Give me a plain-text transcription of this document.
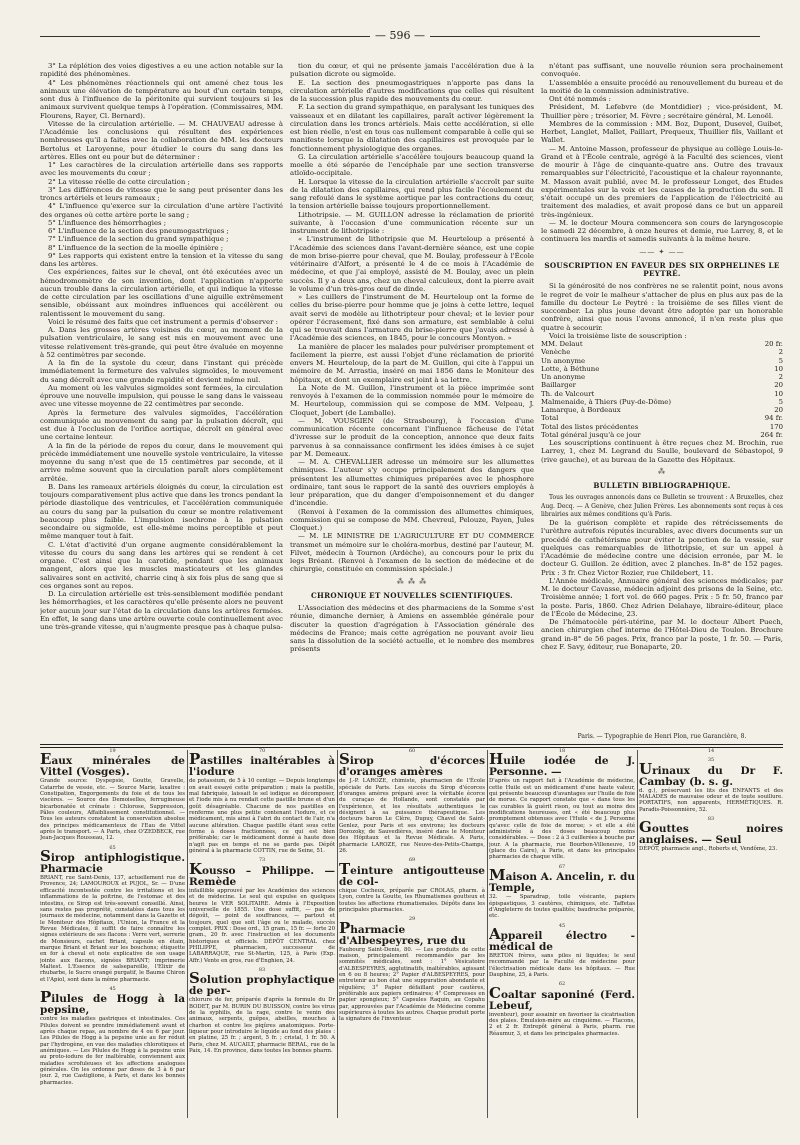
— 596 —

3° La réplétion des voies digestives a eu une action notable sur la rapidité des phénomènes.

4° Les phénomènes réactionnels qui ont amené chez tous les animaux une élévation de température au bout d'un certain temps, sont dus à l'influence de la péritonite qui survient toujours si les animaux survivent quelque temps à l'opération. (Commissaires, MM. Flourens, Rayer, Cl. Bernard).

Vitesse de la circulation artérielle. — M. CHAUVEAU adresse à l'Académie les conclusions qui résultent des expériences nombreuses qu'il a faites avec la collaboration de MM. les docteurs Bertolus et Laroyenne, pour étudier le cours du sang dans les artères. Elles ont eu pour but de déterminer :

1° Les caractères de la circulation artérielle dans ses rapports avec les mouvements du cœur ;

2° La vitesse réelle de cette circulation ;

3° Les différences de vitesse que le sang peut présenter dans les troncs artériels et leurs rameaux ;

4° L'influence qu'exerce sur la circulation d'une artère l'activité des organes où cette artère porte le sang ;

5° L'influence des hémorrhagies ;

6° L'influence de la section des pneumogastriques ;

7° L'influence de la section du grand sympathique ;

8° L'influence de la section de la moelle épinière ;

9° Les rapports qui existent entre la tension et la vitesse du sang dans les artères.

Ces expériences, faites sur le cheval, ont été exécutées avec un hémodromomètre de son invention, dont l'application n'apporte aucun trouble dans la circulation artérielle, et qui indique la vitesse de cette circulation par les oscillations d'une aiguille extrêmement sensible, obéissant aux moindres influences qui accélèrent ou ralentissent le mouvement du sang.

Voici le résumé des faits que cet instrument a permis d'observer :

A. Dans les grosses artères voisines du cœur, au moment de la pulsation ventriculaire, le sang est mis en mouvement avec une vitesse relativement très-grande, qui peut être évaluée en moyenne à 52 centimètres par seconde.

A la fin de la systole du cœur, dans l'instant qui précède immédiatement la fermeture des valvules sigmoïdes, le mouvement du sang décroît avec une grande rapidité et devient même nul.

Au moment où les valvules sigmoïdes sont fermées, la circulation éprouve une nouvelle impulsion, qui pousse le sang dans le vaisseau avec une vitesse moyenne de 22 centimètres par seconde.

Après la fermeture des valvules sigmoïdes, l'accélération communiquée au mouvement du sang par la pulsation décroît, qui est due à l'occlusion de l'orifice aortique, décroît en général avec une certaine lenteur.

A la fin de la période de repos du cœur, dans le mouvement qui précède immédiatement une nouvelle systole ventriculaire, la vitesse moyenne du sang n'est que de 15 centimètres par seconde, et il arrive même souvent que la circulation paraît alors complètement arrêtée.

B. Dans les rameaux artériels éloignés du cœur, la circulation est toujours comparativement plus active que dans les troncs pendant la période diastolique des ventricules, et l'accélération communiquée au cours du sang par la pulsation du cœur se montre relativement beaucoup plus faible. L'impulsion isochrone à la pulsation secondaire ou sigmoïde, est elle-même moins perceptible et peut même manquer tout à fait.

C. L'état d'activité d'un organe augmente considérablement la vitesse du cours du sang dans les artères qui se rendent à cet organe. C'est ainsi que la carotide, pendant que les animaux mangent, alors que les muscles masticateurs et les glandes salivaires sont en activité, charrie cinq à six fois plus de sang que si ces organes sont au repos.

D. La circulation artérielle est très-sensiblement modifiée pendant les hémorrhagies, et les caractères qu'elle présente alors ne peuvent jeter aucun jour sur l'état de la circulation dans les artères fermées. En effet, le sang dans une artère ouverte coule continuellement avec une très-grande vitesse, qui n'augmente presque pas à chaque pulsa-

tion du cœur, et qui ne présente jamais l'accélération due à la pulsation dicrote ou sigmoïde.

E. La section des pneumogastriques n'apporte pas dans la circulation artérielle d'autres modifications que celles qui résultent de la succession plus rapide des mouvements du cœur.

F. La section du grand sympathique, en paralysant les tuniques des vaisseaux et en dilatant les capillaires, paraît activer légèrement la circulation dans les troncs artériels. Mais cette accélération, si elle est bien réelle, n'est en tous cas nullement comparable à celle qui se manifeste lorsque la dilatation des capillaires est provoquée par le fonctionnement physiologique des organes.

G. La circulation artérielle s'accélère toujours beaucoup quand la moelle a été séparée de l'encéphale par une section transverse atloïdo-occipitale.

H. Lorsque la vitesse de la circulation artérielle s'accroît par suite de la dilatation des capillaires, qui rend plus facile l'écoulement du sang refoulé dans le système aortique par les contractions du cœur, la tension artérielle baisse toujours proportionnellement.

Lithotripsie. — M. GUILLON adresse la réclamation de priorité suivante, à l'occasion d'une communication récente sur un instrument de lithotripsie :

« L'instrument de lithotripsie que M. Heurteloup a présenté à l'Académie des sciences dans l'avant-dernière séance, est une copie de mon brise-pierre pour cheval, que M. Boulay, professeur à l'École vétérinaire d'Alfort, a présenté le 4 de ce mois à l'Académie de médecine, et que j'ai employé, assisté de M. Boulay, avec un plein succès. Il y a deux ans, chez un cheval calculeux, dont la pierre avait le volume d'un très-gros œuf de dinde.

» Les cuillers de l'instrument de M. Heurteloup ont la forme de celles du brise-pierre pour homme que je joins à cette lettre, lequel avait servi de modèle au lithotripteur pour cheval; et le levier pour opérer l'écrasement, fixé dans son armature, est semblable à celui qui se trouvait dans l'armature du brise-pierre que j'avais adressé à l'Académie des sciences, en 1845, pour le concours Montyon. »

La manière de placer les malades pour pulvériser promptement et facilement la pierre, est aussi l'objet d'une réclamation de priorité envers M. Heurteloup, de la part de M. Guillon, qui cite à l'appui un mémoire de M. Arrastia, inséré en mai 1856 dans le Moniteur des hôpitaux, et dont un exemplaire est joint à sa lettre.

La Note de M. Guillon, l'instrument et la pièce imprimée sont renvoyés à l'examen de la commission nommée pour le mémoire de M. Heurteloup, commission qui se compose de MM. Velpeau, J. Cloquet, Jobert (de Lamballe).

— M. VOUSGIEN (de Strasbourg), à l'occasion d'une communication récente concernant l'influence fâcheuse de l'état d'ivresse sur le produit de la conception, annonce que deux faits parvenus à sa connaissance confirment les idées émises à ce sujet par M. Demeaux.

— M. A. CHEVALLIER adresse un mémoire sur les allumettes chimiques. L'auteur s'y occupe principalement des dangers que présentent les allumettes chimiques préparées avec le phosphore ordinaire, tant sous le rapport de la santé des ouvriers employés à leur préparation, que du danger d'empoisonnement et du danger d'incendie.

(Renvoi à l'examen de la commission des allumettes chimiques, commission qui se compose de MM. Chevreul, Pelouze, Payen, Jules Cloquet.)

— M. LE MINISTRE DE L'AGRICULTURE ET DU COMMERCE transmet un mémoire sur le choléra-morbus, destiné par l'auteur, M. Filvet, médecin à Tournon (Ardèche), au concours pour le prix du legs Bréant. (Renvoi à l'examen de la section de médecine et de chirurgie, constituée en commission spéciale.)

⁂ ⁂ ⁂
CHRONIQUE ET NOUVELLES SCIENTIFIQUES.

L'Association des médecins et des pharmaciens de la Somme s'est réunie, dimanche dernier, à Amiens en assemblée générale pour discuter la question d'agrégation à l'Association générale des médecins de France; mais cette agrégation ne pouvant avoir lieu sans la dissolution de la société actuelle, et le nombre des membres présents

n'étant pas suffisant, une nouvelle réunion sera prochainement convoquée.

L'assemblée a ensuite procédé au renouvellement du bureau et de la moitié de la commission administrative.

Ont été nommés :

Président, M. Lefebvre (de Montdidier) ; vice-président, M. Thuillier père ; trésorier, M. Fèvre ; secrétaire général, M. Lenoël.

Membres de la commission : MM. Boz, Dupont, Dusevel, Guibet, Herbet, Langlet, Mallet, Paillart, Prequeux, Thuillier fils, Vaillant et Wallet.

— M. Antoine Masson, professeur de physique au collège Louis-le-Grand et à l'École centrale, agrégé à la Faculté des sciences, vient de mourir à l'âge de cinquante-quatre ans. Outre des travaux remarquables sur l'électricité, l'acoustique et la chaleur rayonnante, M. Masson avait publié, avec M. le professeur Longet, des Études expérimentales sur la voix et les causes de la production du son. Il s'était occupé un des premiers de l'application de l'électricité au traitement des maladies, et avait proposé dans ce but un appareil très-ingénieux.

— M. le docteur Moura commencera son cours de laryngoscopie le samedi 22 décembre, à onze heures et demie, rue Larrey, 8, et le continuera les mardis et samedis suivants à la même heure.

—— ✦ ——
SOUSCRIPTION EN FAVEUR DES SIX ORPHELINES LE PEYTRÉ.

Si la générosité de nos confrères ne se ralentit point, nous avons le regret de voir le malheur s'attacher de plus en plus aux pas de la famille du docteur Le Peytré : la troisième de ses filles vient de succomber. La plus jeune devant être adoptée par un honorable confrère, ainsi que nous l'avons annoncé, il n'en reste plus que quatre à secourir.

Voici la troisième liste de souscription :

MM. Delaut	20 fr.
Venèche	2
Un anonyme	5
Lotte, à Béthune	10
Un anonyme	2
Baillarger	20
Th. de Valcourt	10
Malmenaide, à Thiers (Puy-de-Dôme)	5
Lamarque, à Bordeaux	20
Total	94 fr.
Total des listes précédentes	170
Total général jusqu'à ce jour	264 fr.

Les souscriptions continuent à être reçues chez M. Brochin, rue Larrey, 1, chez M. Legrand du Saulle, boulevard de Sébastopol, 9 (rive gauche), et au bureau de la Gazette des Hôpitaux.

⁂
BULLETIN BIBLIOGRAPHIQUE.

Tous les ouvrages annoncés dans ce Bulletin se trouvent : A Bruxelles, chez Aug. Decq. — A Genève, chez Julien Frères. Les abonnements sont reçus à ces librairies aux mêmes conditions qu'à Paris.

De la guérison complète et rapide des rétrécissements de l'urèthre autrefois réputés incurables, avec divers documents sur un procédé de cathétérisme pour éviter la ponction de la vessie, sur quelques cas remarquables de lithotripsie, et sur un appel à l'Académie de médecine contre une décision erronée, par M. le docteur G. Guillon. 2e édition, avec 2 planches. In-8° de 152 pages. Prix : 3 fr. Chez Victor Rozier, rue Childebert, 11.

L'Année médicale, Annuaire général des sciences médicales; par M. le docteur Cavasse, médecin adjoint des prisons de la Seine, etc. Troisième année; 1 fort vol. de 660 pages. Prix : 5 fr. 50, franco par la poste. Paris, 1860. Chez Adrien Delahaye, libraire-éditeur, place de l'École de Médecine, 23.

De l'hématocèle péri-utérine, par M. le docteur Albert Puech, ancien chirurgien chef interne de l'Hôtel-Dieu de Toulon. Brochure grand in-8° de 56 pages. Prix, franco par la poste, 1 fr. 50. — Paris, chez F. Savy, éditeur, rue Bonaparte, 20.

Paris. — Typographie de Henri Plon, rue Garancière, 8.
19
Eaux minérales de Vittel (Vosges).
Grande source: Dyspepsie, Goutte, Gravelle, Catarrhe de vessie, etc. — Source Marie, laxative : Constipation, Engorgements du foie et de tous les viscères. — Source des Demoiselles, ferrugineuse bicarbonatée et crénate : Chlorose, Suppression, Pâles couleurs, Affaiblissement constitutionnel. — Tous les auteurs constatent la conservation absolue des principes médicamenteux de l'Eau de Vittel après le transport. — A Paris, chez O'ZEDBECK, rue Jean-Jacques Rousseau, 12.
65
Sirop antiphlogistique. Pharmacie
BRIANT, rue Saint-Denis, 137, actuellement rue de Provence, 24; LAMOUROUX et PUJOL, Sr. — D'une efficacité incontestée contre les irritations et les inflammations de la poitrine, de l'estomac et des intestins, ce Sirop est très-souvent conseillé. Ainsi, sans restes pas proprété, constatées dans tous les journaux de médecine, notamment dans la Gazette et le Moniteur des Hôpitaux, l'Union, la France et la Revue Médicales, il suffit de faire connaître les signes extérieurs de ses flacons : Verre vert, serrerie de Monsieurs, cachet Briant, capsule en étain, marque Briant et Briant sur les bouchons; étiquette en for à cheval et note explicative de son usage jointe aux flacons, signées BRIANT; imprimerie Maltest. L'Essence de salsepareille, l'Elixir de rhubarbe, le Sucre orangé purgatif, le Baume Chiron et l'Apiol, sont dans la même pharmacie.
45
Pilules de Hogg à la pepsine,
contre les maladies gastriques et intestinales. Ces Pilules doivent se prendre immédiatement avant et après chaque repas, au nombre de 4 ou 6 par jour. Les Pilules de Hogg à la pepsine unie au fer réduit par l'hydrogène, en vue des maladies chlorotiques et anémiques. — Les Pilules de Hogg à la pepsine unie au proto-iodure de fer inaltérable, conviennent aux maladies scrofuleuses et les affections analogues générales. On les ordonne par doses de 3 à 6 par jour. 2, rue Castiglione, à Paris, et dans les bonnes pharmacies.
70
Pastilles inaltérables à l'iodure
de potassium, de 5 à 10 centigr. — Depuis longtemps on avait essayé cette préparation ; mais la pastille, mal fabriquée, laissait le sel iodique se décomposer, et l'iode mis à nu rendait cette pastille brune et d'un goût désagréable. Chacune de nos pastilles en renferme une plus petite contenant l'iodure, et ce médicament, mis ainsi à l'abri du contact de l'air, n'a aucune altération. Chaque pastille étant sous cette forme à doses fractionnées, ce qui est bien préférable; car le médicament donné à haute dose n'agit pas en temps et ne se garde pas. Dépôt général à la pharmacie COTTIN, rue de Seine, 51.
73
Kousso – Philippe. — Remède
infaillible approuvé par les Académies des sciences et de médecine. Le seul qui expulse en quelques heures le VER SOLITAIRE. Admis à l'Exposition universelle de 1855. Une dose suffit, — pas de dégoût, — point de souffrances, — partout et toujours, quel que soit l'âge ou le malade, succès complet. PRIX : Dose ord., 15 gram., 15 fr. — forte 20 gram., 20 fr. avec l'instruction et les documents historiques et officiels. DÉPÔT CENTRAL chez PHILIPPE, pharmacien, successeur de LABARRAQUE, rue St-Martin, 125, à Paris (Exp. Affr.) Vente en gros, rue d'Enghien, 24.
83
Solution prophylactique de per-
chlorure de fer, préparée d'après la formule du Dr BODET, par M. BURIN DU BUISSON, contre les virus de la syphilis, de la rage, contre le venin des animaux, serpents, guêpes, abeilles, mouches à charbon et contre les piqûres anatomiques. Porte-liqueur pour introduire le liquide au fond des plaies : en platine, 25 fr. ; argent, 5 fr. ; cristal, 1 fr. 50. A Paris, chez M. AUCAILT, pharmacie BERAL, rue de la Paix, 14. En province, dans toutes les bonnes pharm.
60
Sirop d'écorces d'oranges amères
de J.-P. LAROZE, chimiste, pharmacien de l'École spéciale de Paris. Les succès du Sirop d'écorces d'oranges amères préparé avec la véritable écorce du curaçao de Hollande, sont constatés par l'expérience, et les résultats authentiques le désignent à sa puissance thérapeutique. Les docteurs baron Le Clère, Dupuy, Chavel de Saint-Genlez, pour Paris et ses environs; les docteurs Dorozoky, de Sauvedières, inséré dans le Moniteur des Hôpitaux et la Revue Médicale. A Paris, pharmacie LAROZE, rue Neuve-des-Petits-Champs, 26.
69
Teinture antigoutteuse de col-
chique Cocheux, préparée par CROLAS, pharm. à Lyon, contre la Goutte, les Rhumatismes goutteux et toutes les affections rhumatismales. Dépôts dans les principales pharmacies.
29
Pharmacie d'Albespeyres, rue du
Faubourg Saint-Denis, 80. — Les produits de cette maison, principalement recommandés par les sommités médicales, sont : 1° Vésicatoire d'ALBESPEYRES, agglutinatifs, inaltérables, agissant en 6 ou 8 heures; 2° Papier d'ALBESPEYRES, pour entretenir au bon état une suppuration abondante et régulière; 3° Papier défaillant pour cautères, préférable aux papiers ordinaires; 4° Compresses en papier spongieux; 5° Capsules Raquin, au Copahu par, approuvées par l'Académie de Médecine comme supérieures à toutes les autres. Chaque produit porte la signature de l'inventeur.
18
Huile iodée de J. Personne. —
D'après un rapport fait à l'Académie de médecine, cette Huile est un médicament d'une haute valeur, qui présente beaucoup d'avantages sur l'huile de foie de morue. Ce rapport constate que « dans tous les cas curables là guérit rison, ou tout au moins des modifications heureuses, ont « été beaucoup plus promptement obtenues avec l'Huile « de J. Personne qu'avec celle de foie de morue; » et elle a été administrée à des doses beaucoup moins considérables. — Dose : 2 à 3 cuillerées à bouche par jour. A la pharmacie, rue Bourbon-Villeneuve, 19 (place du Caire), à Paris, et dans les principales pharmacies de chaque ville.
67
Maison A. Ancelin, r. du Temple,
32. — Sparadrap, toile vésicante, papiers épispastiques, 3 cautères, chimiques, etc. Taffetas d'Angleterre de toutes qualités; baudruche préparée, etc.
45
Appareil électro - médical de
BRETON frères, sans piles ni liquides; le seul recommandé par la Faculté de médecine pour l'électrisation médicale dans les hôpitaux. — Rue Dauphine, 25, à Paris.
62
Coaltar saponiné (Ferd. Lebeuf,
inventeur), pour assainir en favoriser la cicatrisation des plaies. Émulsion-mère au cinquième. — Flacons, 2 et 2 fr. Entrepôt général à Paris, pharm. rue Réaumur, 3, et dans les principales pharmacies.
14
35
Urinaux du Dr F. Cambay (b. s. g.
d. g.), préservant les lits des ENFANTS et des MALADES de mauvaise odeur et de toute souillure. PORTATIFS, non apparents, HERMÉTIQUES. R. Paradis-Poissonnière, 52.
83
Gouttes noires anglaises. — Seul
DÉPÔT, pharmacie angl., Roberts et, Vendôme, 23.
